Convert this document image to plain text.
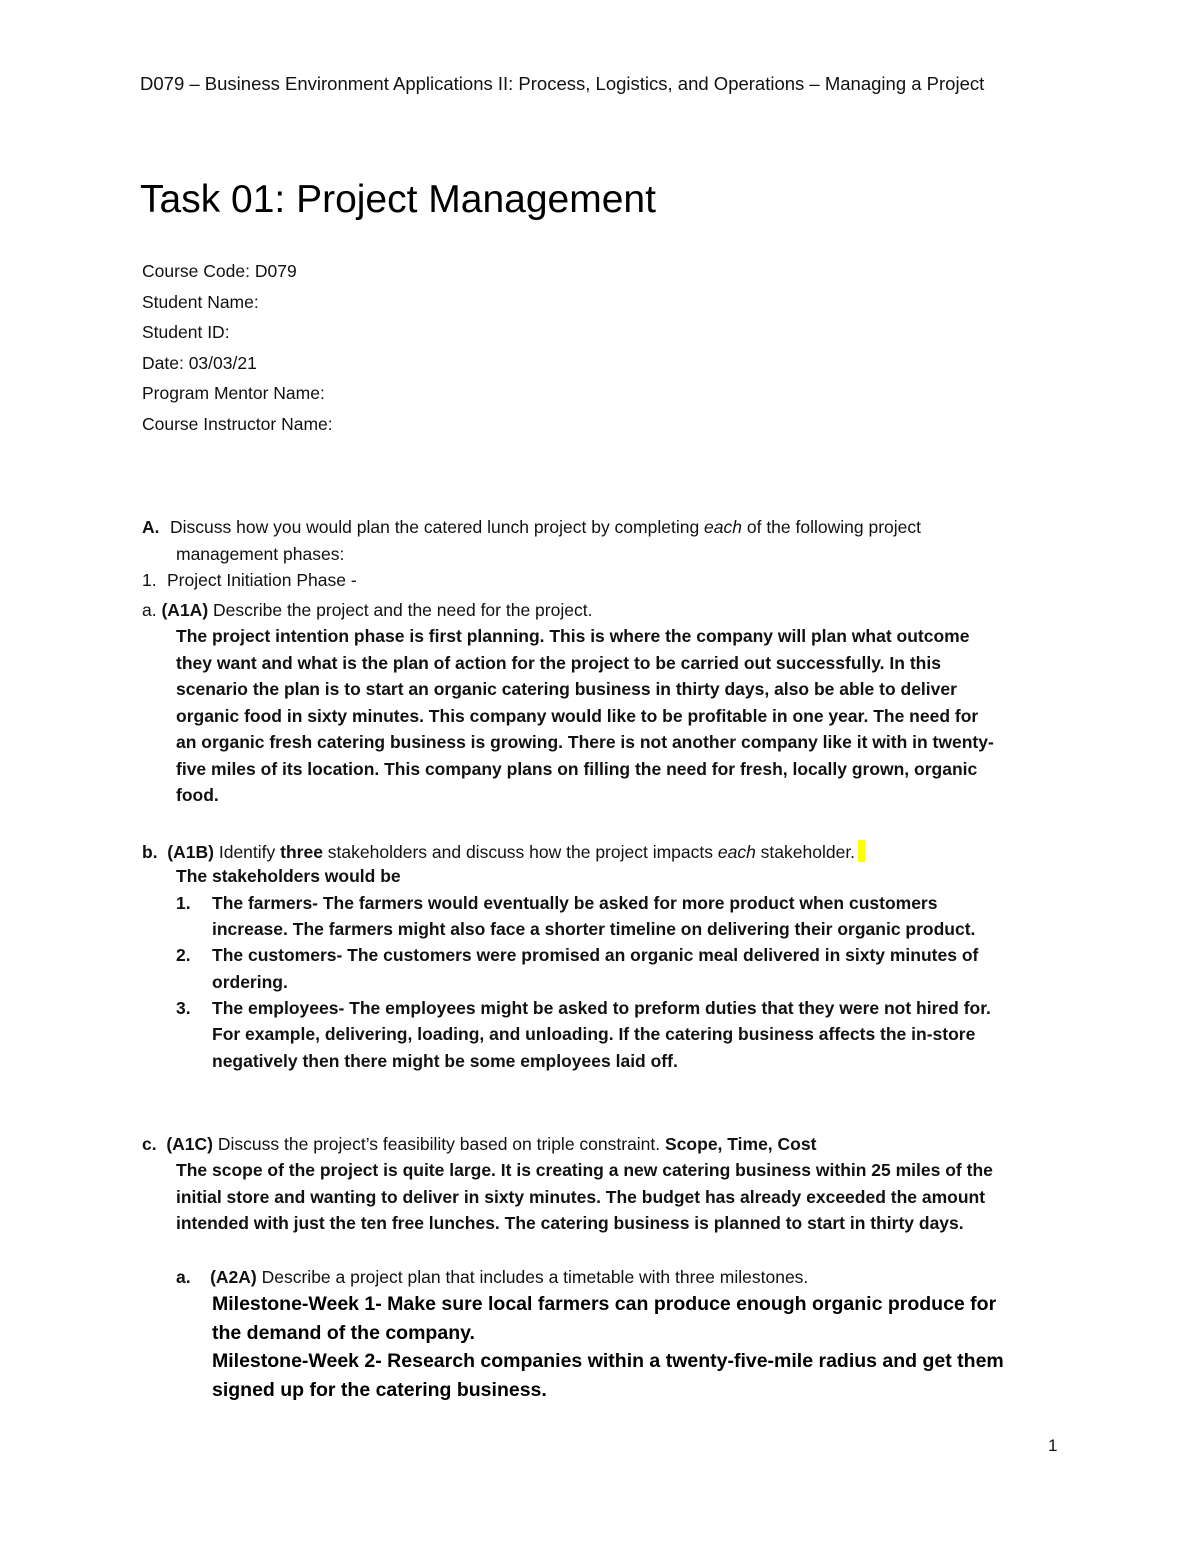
D079 – Business Environment Applications II: Process, Logistics, and Operations – Managing a Project
Task 01: Project Management
Course Code: D079
Student Name:
Student ID:
Date: 03/03/21
Program Mentor Name:
Course Instructor Name:
A. Discuss how you would plan the catered lunch project by completing each of the following project
management phases:
1. Project Initiation Phase -
a. (A1A) Describe the project and the need for the project.
The project intention phase is first planning. This is where the company will plan what outcome
they want and what is the plan of action for the project to be carried out successfully. In this
scenario the plan is to start an organic catering business in thirty days, also be able to deliver
organic food in sixty minutes. This company would like to be profitable in one year. The need for
an organic fresh catering business is growing. There is not another company like it with in twenty-
five miles of its location. This company plans on filling the need for fresh, locally grown, organic
food.
b. (A1B) Identify three stakeholders and discuss how the project impacts each stakeholder.
The stakeholders would be
1. The farmers- The farmers would eventually be asked for more product when customers
increase. The farmers might also face a shorter timeline on delivering their organic product.
2. The customers- The customers were promised an organic meal delivered in sixty minutes of
ordering.
3. The employees- The employees might be asked to preform duties that they were not hired for.
For example, delivering, loading, and unloading. If the catering business affects the in-store
negatively then there might be some employees laid off.
c. (A1C) Discuss the project’s feasibility based on triple constraint. Scope, Time, Cost
The scope of the project is quite large. It is creating a new catering business within 25 miles of the
initial store and wanting to deliver in sixty minutes. The budget has already exceeded the amount
intended with just the ten free lunches. The catering business is planned to start in thirty days.
a. (A2A) Describe a project plan that includes a timetable with three milestones.
Milestone-Week 1- Make sure local farmers can produce enough organic produce for
the demand of the company.
Milestone-Week 2- Research companies within a twenty-five-mile radius and get them
signed up for the catering business.
1
